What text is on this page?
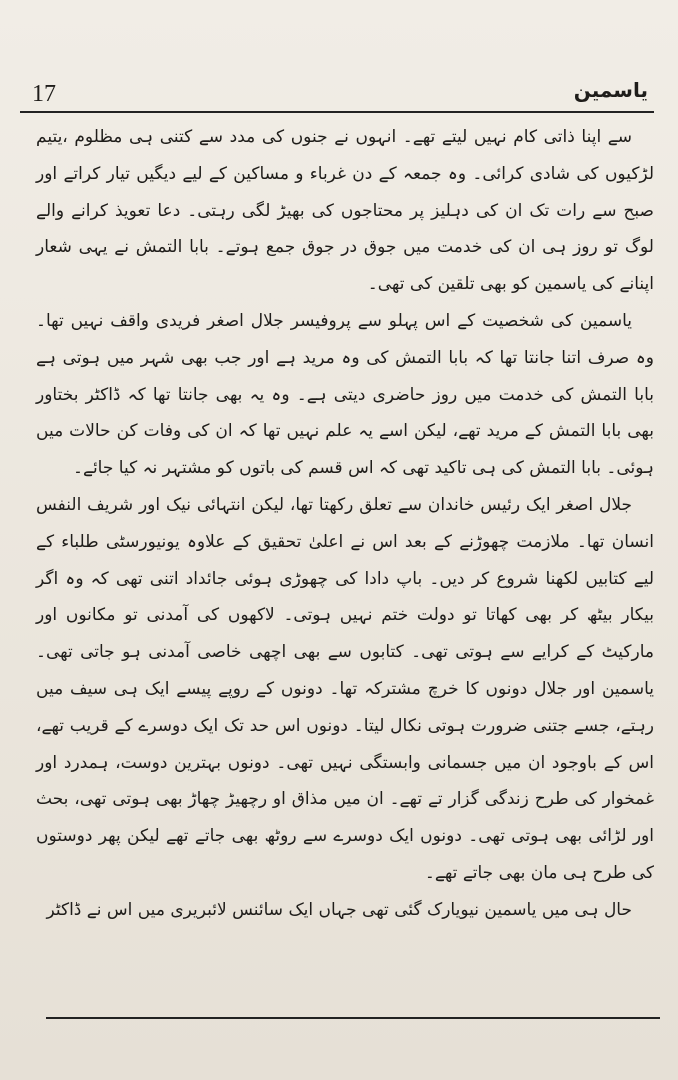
17	یاسمین

سے اپنا ذاتی کام نہیں لیتے تھے۔ انہوں نے جنوں کی مدد سے کتنی ہی مظلوم ،یتیم لڑکیوں کی شادی کرائی۔ وہ جمعہ کے دن غرباء و مساکین کے لیے دیگیں تیار کراتے اور صبح سے رات تک ان کی دہلیز پر محتاجوں کی بھیڑ لگی رہتی۔ دعا تعویذ کرانے والے لوگ تو روز ہی ان کی خدمت میں جوق در جوق جمع ہوتے۔ بابا التمش نے یہی شعار اپنانے کی یاسمین کو بھی تلقین کی تھی۔

یاسمین کی شخصیت کے اس پہلو سے پروفیسر جلال اصغر فریدی واقف نہیں تھا۔ وہ صرف اتنا جانتا تھا کہ بابا التمش کی وہ مرید ہے اور جب بھی شہر میں ہوتی ہے بابا التمش کی خدمت میں روز حاضری دیتی ہے۔ وہ یہ بھی جانتا تھا کہ ڈاکٹر بختاور بھی بابا التمش کے مرید تھے، لیکن اسے یہ علم نہیں تھا کہ ان کی وفات کن حالات میں ہوئی۔ بابا التمش کی ہی تاکید تھی کہ اس قسم کی باتوں کو مشتہر نہ کیا جائے۔

جلال اصغر ایک رئیس خاندان سے تعلق رکھتا تھا، لیکن انتہائی نیک اور شریف النفس انسان تھا۔ ملازمت چھوڑنے کے بعد اس نے اعلیٰ تحقیق کے علاوہ یونیورسٹی طلباء کے لیے کتابیں لکھنا شروع کر دیں۔ باپ دادا کی چھوڑی ہوئی جائداد اتنی تھی کہ وہ اگر بیکار بیٹھ کر بھی کھاتا تو دولت ختم نہیں ہوتی۔ لاکھوں کی آمدنی تو مکانوں اور مارکیٹ کے کرایے سے ہوتی تھی۔ کتابوں سے بھی اچھی خاصی آمدنی ہو جاتی تھی۔ یاسمین اور جلال دونوں کا خرچ مشترکہ تھا۔ دونوں کے روپے پیسے ایک ہی سیف میں رہتے، جسے جتنی ضرورت ہوتی نکال لیتا۔ دونوں اس حد تک ایک دوسرے کے قریب تھے، اس کے باوجود ان میں جسمانی وابستگی نہیں تھی۔ دونوں بہترین دوست، ہمدرد اور غمخوار کی طرح زندگی گزار تے تھے۔ ان میں مذاق او رچھیڑ چھاڑ بھی ہوتی تھی، بحث اور لڑائی بھی ہوتی تھی۔ دونوں ایک دوسرے سے روٹھ بھی جاتے تھے لیکن پھر دوستوں کی طرح ہی مان بھی جاتے تھے۔

حال ہی میں یاسمین نیویارک گئی تھی جہاں ایک سائنس لائبریری میں اس نے ڈاکٹر
